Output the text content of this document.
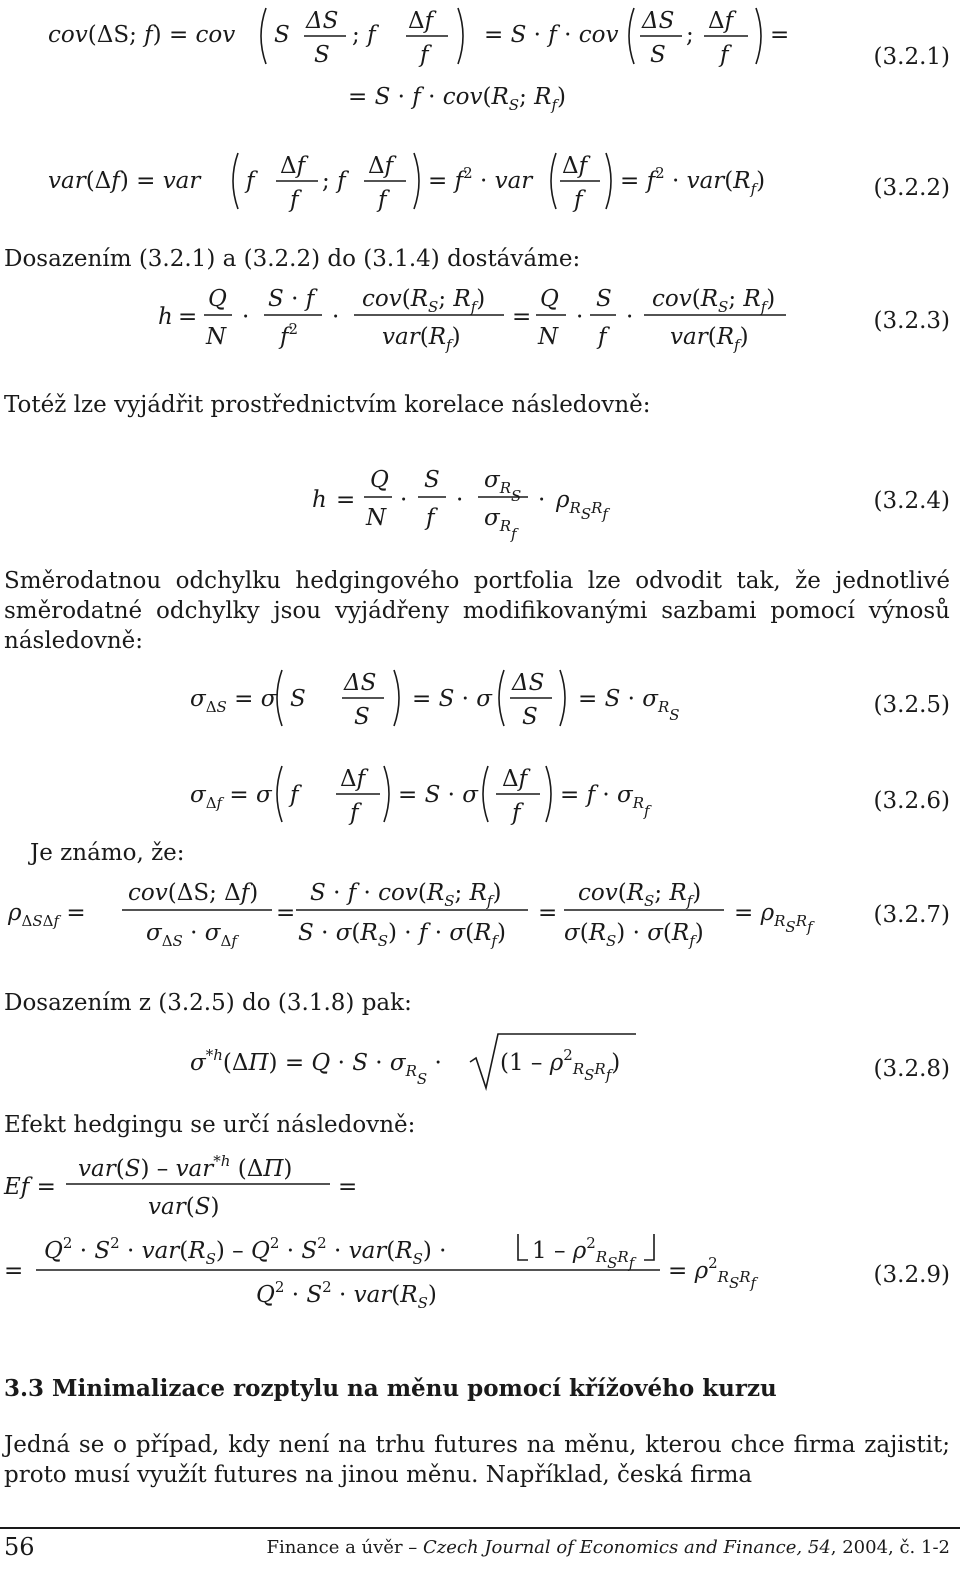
cov(ΔS; f) = cov S
ΔS
S
; f
Δf
f
= S · f · cov
ΔS
S
;
Δf
f
=
= $S \cdot f \cdot cov(R_S$; $R_f$)
(3.2.1)
var(Δf) = var f
Δf
f
; f
Δf
f
= $f^2$ · var
Δf
f
= $f^2 \cdot var(R_f)$	(3.2.2)
Dosazením (3.2.1) a (3.2.2) do (3.1.4) dostáváme:
h =
Q
N
·
S · f
$f^2$ ·
$cov(R_S$; $R_f$)
$var(R_f)$
=
Q
N
·
S
f
·
$cov(R_S$; $R_f$)
$var(R_f)$
(3.2.3)
Totéž lze vyjádřit prostřednictvím korelace následovně:
h =
Q
N
·
S
f
·
$\sigma_{RS}$
$\sigma_{Rf}$
· $\rho_{RS}^R_f$	(3.2.4)
Směrodatnou odchylku hedgingového portfolia lze odvodit tak, že jednotlivé směrodatné odchylky jsou vyjádřeny modifikovanými sazbami pomocí výnosů následovně:
$\sigma_\Delta S = \sigma$ S
ΔS
S
= S · σ
ΔS
S
= $S \cdot \sigma_{RS}$	(3.2.5)
$\sigma_\Delta f = \sigma$ f
Δf
f
= S · σ
Δf
f
= $f \cdot \sigma_{Rf}$	(3.2.6)
Je známo, že:
$\rho_\Delta S\Delta f$ =
cov(ΔS; Δf)
$\sigma_\Delta S \cdot \sigma_\Delta f$
=
$S \cdot f \cdot cov(R_S$; $R_f$)
$S \cdot \sigma(R_S) \cdot f \cdot \sigma(R_f)$
=
$cov(R_S$; $R_f$)
$\sigma(R_S) \cdot \sigma(R_f)$
= $\rho_{RS}^R_f$	(3.2.7)
Dosazením z (3.2.5) do (3.1.8) pak:
$\sigma^*h(\Delta\Pi) = Q \cdot S \cdot \sigma_{RS}$ ·	$(1 - \rho^2_{RS}^R_f)$	(3.2.8)
Efekt hedgingu se určí následovně:
Ef =
var(S) – var*h (ΔΠ)
var(S)
=
=
$Q^2 \cdot S^2 \cdot var(R_S) - Q^2 \cdot S^2 \cdot var(R_S)$ ·	$1 - \rho^2_{RS}^R_f$
$Q^2 \cdot S^2 \cdot var(R_S)$
= $\rho^2_{RS}^R_f$	(3.2.9)
3.3 Minimalizace rozptylu na měnu pomocí křížového kurzu
Jedná se o případ, kdy není na trhu futures na měnu, kterou chce firma zajistit; proto musí využít futures na jinou měnu. Například, česká firma
56	Finance a úvěr – Czech Journal of Economics and Finance, 54, 2004, č. 1-2
